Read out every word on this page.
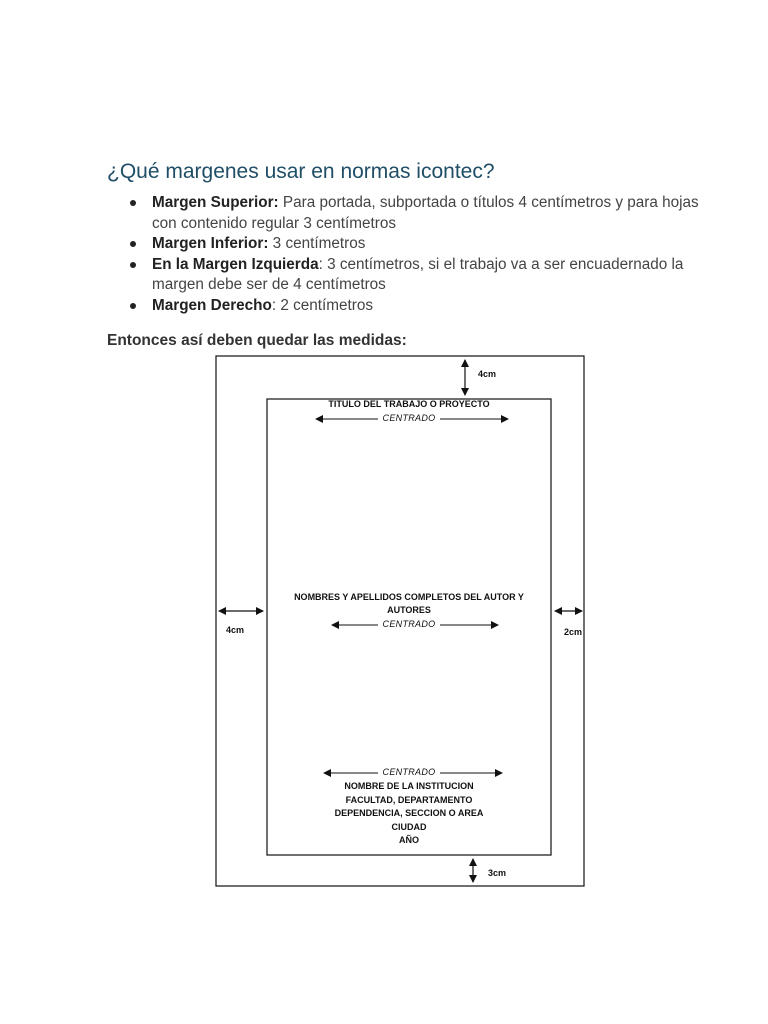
¿Qué margenes usar en normas icontec?
Margen Superior: Para portada, subportada o títulos 4 centímetros y para hojas con contenido regular 3 centímetros
Margen Inferior: 3 centímetros
En la Margen Izquierda: 3 centímetros, si el trabajo va a ser encuadernado la margen debe ser de 4 centímetros
Margen Derecho: 2 centímetros
Entonces así deben quedar las medidas:
4cm
4cm	2cm
3cm
TITULO DEL TRABAJO O PROYECTO
CENTRADO
NOMBRES Y APELLIDOS COMPLETOS DEL AUTOR Y
AUTORES
CENTRADO
CENTRADO
NOMBRE DE LA INSTITUCION
FACULTAD, DEPARTAMENTO
DEPENDENCIA, SECCION O AREA
CIUDAD
AÑO
